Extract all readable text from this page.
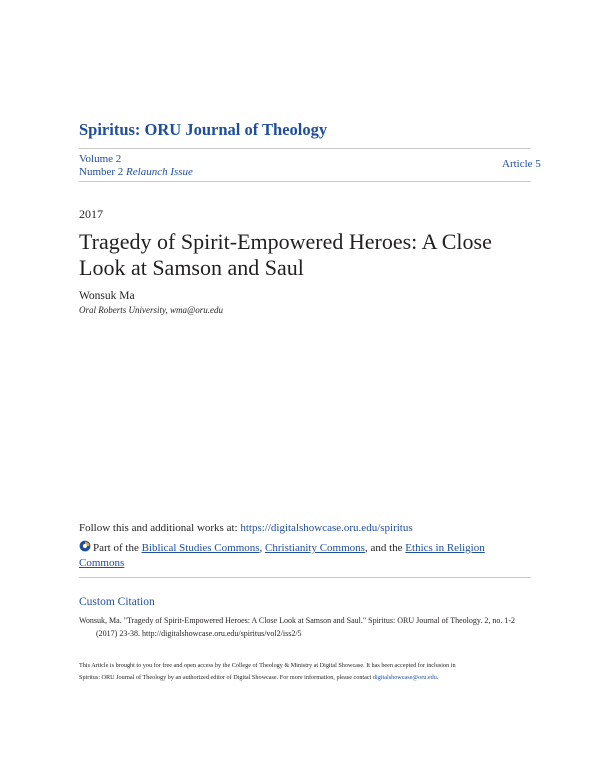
Spiritus: ORU Journal of Theology
Volume 2
Number 2 Relaunch Issue
Article 5
2017
Tragedy of Spirit-Empowered Heroes: A Close Look at Samson and Saul
Wonsuk Ma
Oral Roberts University, wma@oru.edu
Follow this and additional works at: https://digitalshowcase.oru.edu/spiritus
Part of the Biblical Studies Commons, Christianity Commons, and the Ethics in Religion Commons
Custom Citation
Wonsuk, Ma. "Tragedy of Spirit-Empowered Heroes: A Close Look at Samson and Saul." Spiritus: ORU Journal of Theology. 2, no. 1-2
(2017) 23-38. http://digitalshowcase.oru.edu/spiritus/vol2/iss2/5
This Article is brought to you for free and open access by the College of Theology & Ministry at Digital Showcase. It has been accepted for inclusion in
Spiritus: ORU Journal of Theology by an authorized editor of Digital Showcase. For more information, please contact digitalshowcase@oru.edu.
